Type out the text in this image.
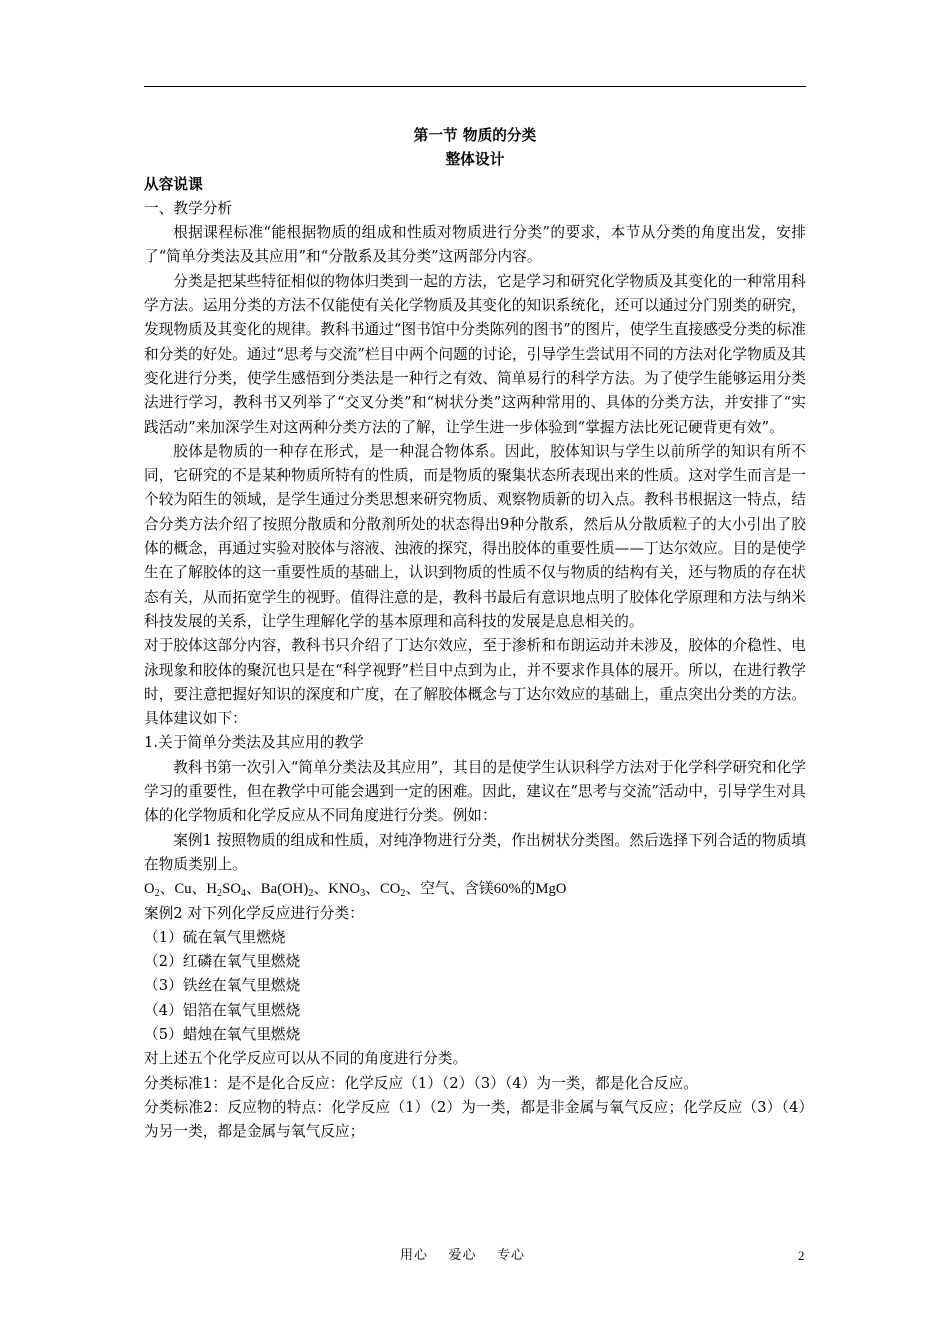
第一节 物质的分类

整体设计

从容说课

一、教学分析

根据课程标准“能根据物质的组成和性质对物质进行分类”的要求，本节从分类的角度出发，安排了“简单分类法及其应用”和“分散系及其分类”这两部分内容。

分类是把某些特征相似的物体归类到一起的方法，它是学习和研究化学物质及其变化的一种常用科学方法。运用分类的方法不仅能使有关化学物质及其变化的知识系统化，还可以通过分门别类的研究，发现物质及其变化的规律。教科书通过“图书馆中分类陈列的图书”的图片，使学生直接感受分类的标准和分类的好处。通过“思考与交流”栏目中两个问题的讨论，引导学生尝试用不同的方法对化学物质及其变化进行分类，使学生感悟到分类法是一种行之有效、简单易行的科学方法。为了使学生能够运用分类法进行学习，教科书又列举了“交叉分类”和“树状分类”这两种常用的、具体的分类方法，并安排了“实践活动”来加深学生对这两种分类方法的了解，让学生进一步体验到“掌握方法比死记硬背更有效”。

胶体是物质的一种存在形式，是一种混合物体系。因此，胶体知识与学生以前所学的知识有所不同，它研究的不是某种物质所特有的性质，而是物质的聚集状态所表现出来的性质。这对学生而言是一个较为陌生的领域，是学生通过分类思想来研究物质、观察物质新的切入点。教科书根据这一特点，结合分类方法介绍了按照分散质和分散剂所处的状态得出9种分散系，然后从分散质粒子的大小引出了胶体的概念，再通过实验对胶体与溶液、浊液的探究，得出胶体的重要性质——丁达尔效应。目的是使学生在了解胶体的这一重要性质的基础上，认识到物质的性质不仅与物质的结构有关，还与物质的存在状态有关，从而拓宽学生的视野。值得注意的是，教科书最后有意识地点明了胶体化学原理和方法与纳米科技发展的关系，让学生理解化学的基本原理和高科技的发展是息息相关的。

对于胶体这部分内容，教科书只介绍了丁达尔效应，至于渗析和布朗运动并未涉及，胶体的介稳性、电泳现象和胶体的聚沉也只是在“科学视野”栏目中点到为止，并不要求作具体的展开。所以，在进行教学时，要注意把握好知识的深度和广度，在了解胶体概念与丁达尔效应的基础上，重点突出分类的方法。具体建议如下：

1.关于简单分类法及其应用的教学

教科书第一次引入“简单分类法及其应用”，其目的是使学生认识科学方法对于化学科学研究和化学学习的重要性，但在教学中可能会遇到一定的困难。因此，建议在“思考与交流”活动中，引导学生对具体的化学物质和化学反应从不同角度进行分类。例如：

案例1 按照物质的组成和性质，对纯净物进行分类，作出树状分类图。然后选择下列合适的物质填在物质类别上。

$O_2$、Cu、$H_2SO_4$、$Ba(OH)_2$、$KNO_3$、$CO_2$、空气、含镁60%的MgO

案例2 对下列化学反应进行分类：

（1）硫在氧气里燃烧

（2）红磷在氧气里燃烧

（3）铁丝在氧气里燃烧

（4）铝箔在氧气里燃烧

（5）蜡烛在氧气里燃烧

对上述五个化学反应可以从不同的角度进行分类。

分类标准1：是不是化合反应：化学反应（1）（2）（3）（4）为一类，都是化合反应。

分类标准2：反应物的特点：化学反应（1）（2）为一类，都是非金属与氧气反应；化学反应（3）（4）为另一类，都是金属与氧气反应；

用心    爱心    专心	2
